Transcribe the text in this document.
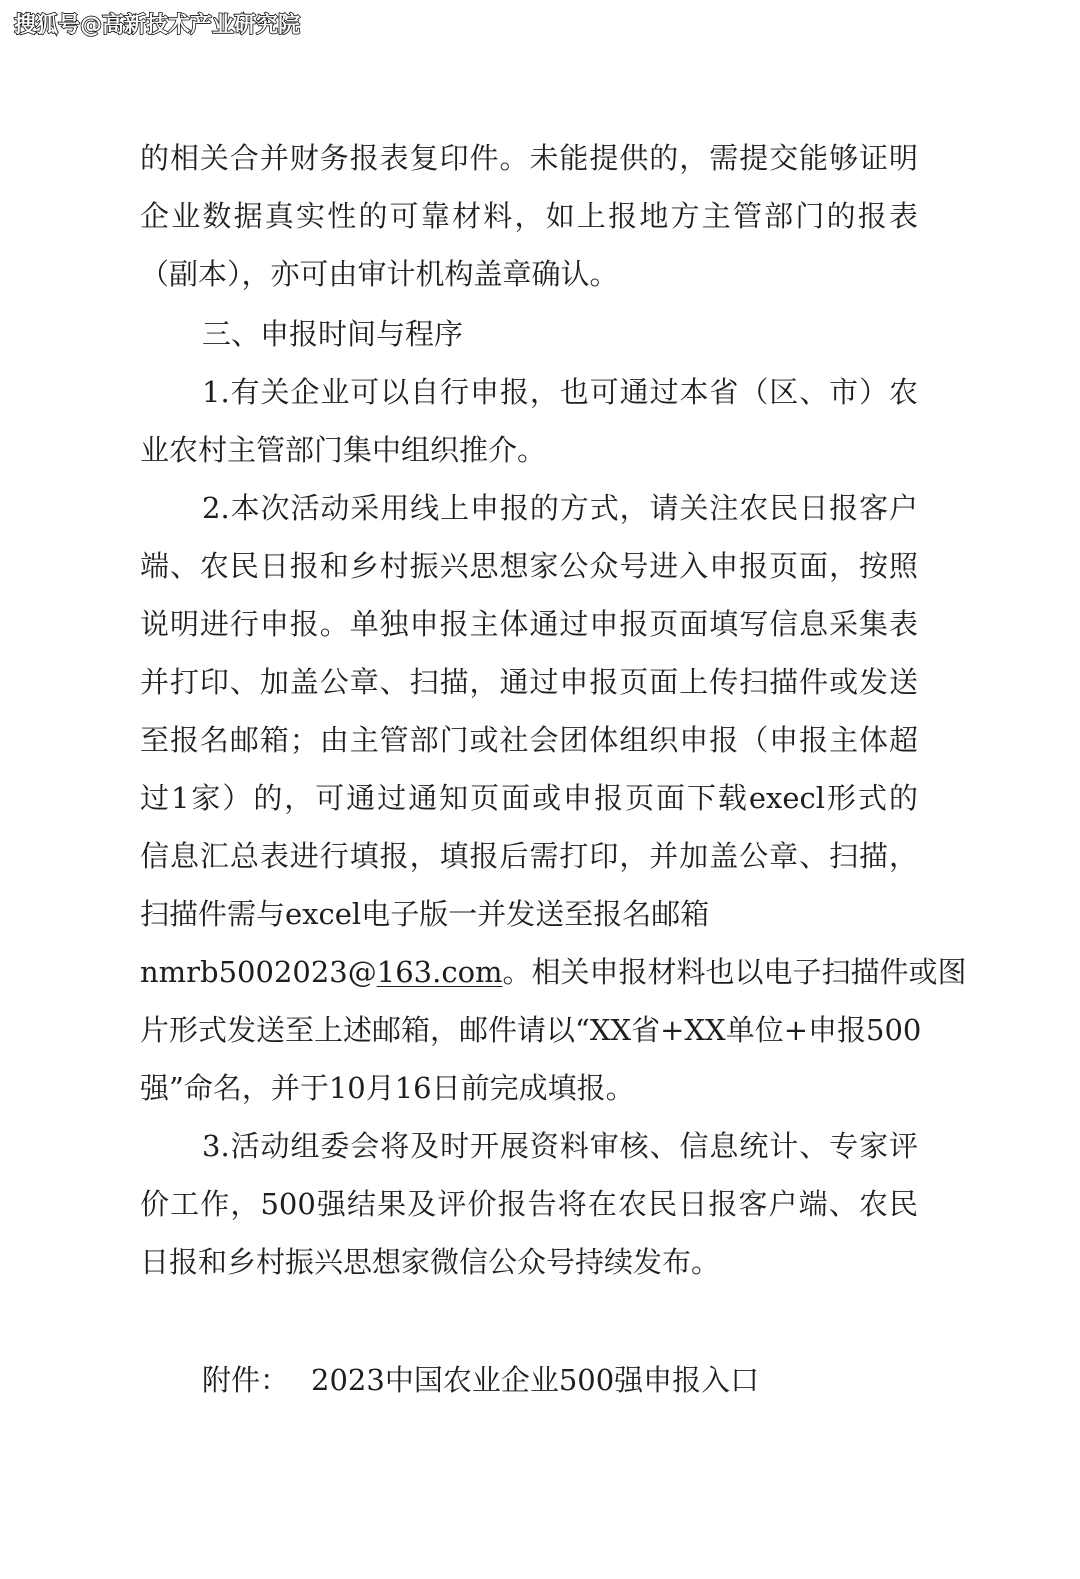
搜狐号@高新技术产业研究院
的相关合并财务报表复印件。未能提供的，需提交能够证明
企业数据真实性的可靠材料，如上报地方主管部门的报表
（副本），亦可由审计机构盖章确认。
三、申报时间与程序
1.有关企业可以自行申报，也可通过本省（区、市）农
业农村主管部门集中组织推介。
2.本次活动采用线上申报的方式，请关注农民日报客户
端、农民日报和乡村振兴思想家公众号进入申报页面，按照
说明进行申报。单独申报主体通过申报页面填写信息采集表
并打印、加盖公章、扫描，通过申报页面上传扫描件或发送
至报名邮箱；由主管部门或社会团体组织申报（申报主体超
过1家）的，可通过通知页面或申报页面下载execl形式的
信息汇总表进行填报，填报后需打印，并加盖公章、扫描，
扫描件需与excel电子版一并发送至报名邮箱
nmrb5002023@163.com。相关申报材料也以电子扫描件或图
片形式发送至上述邮箱，邮件请以“XX省+XX单位+申报500
强”命名，并于10月16日前完成填报。
3.活动组委会将及时开展资料审核、信息统计、专家评
价工作，500强结果及评价报告将在农民日报客户端、农民
日报和乡村振兴思想家微信公众号持续发布。
附件： 2023中国农业企业500强申报入口
